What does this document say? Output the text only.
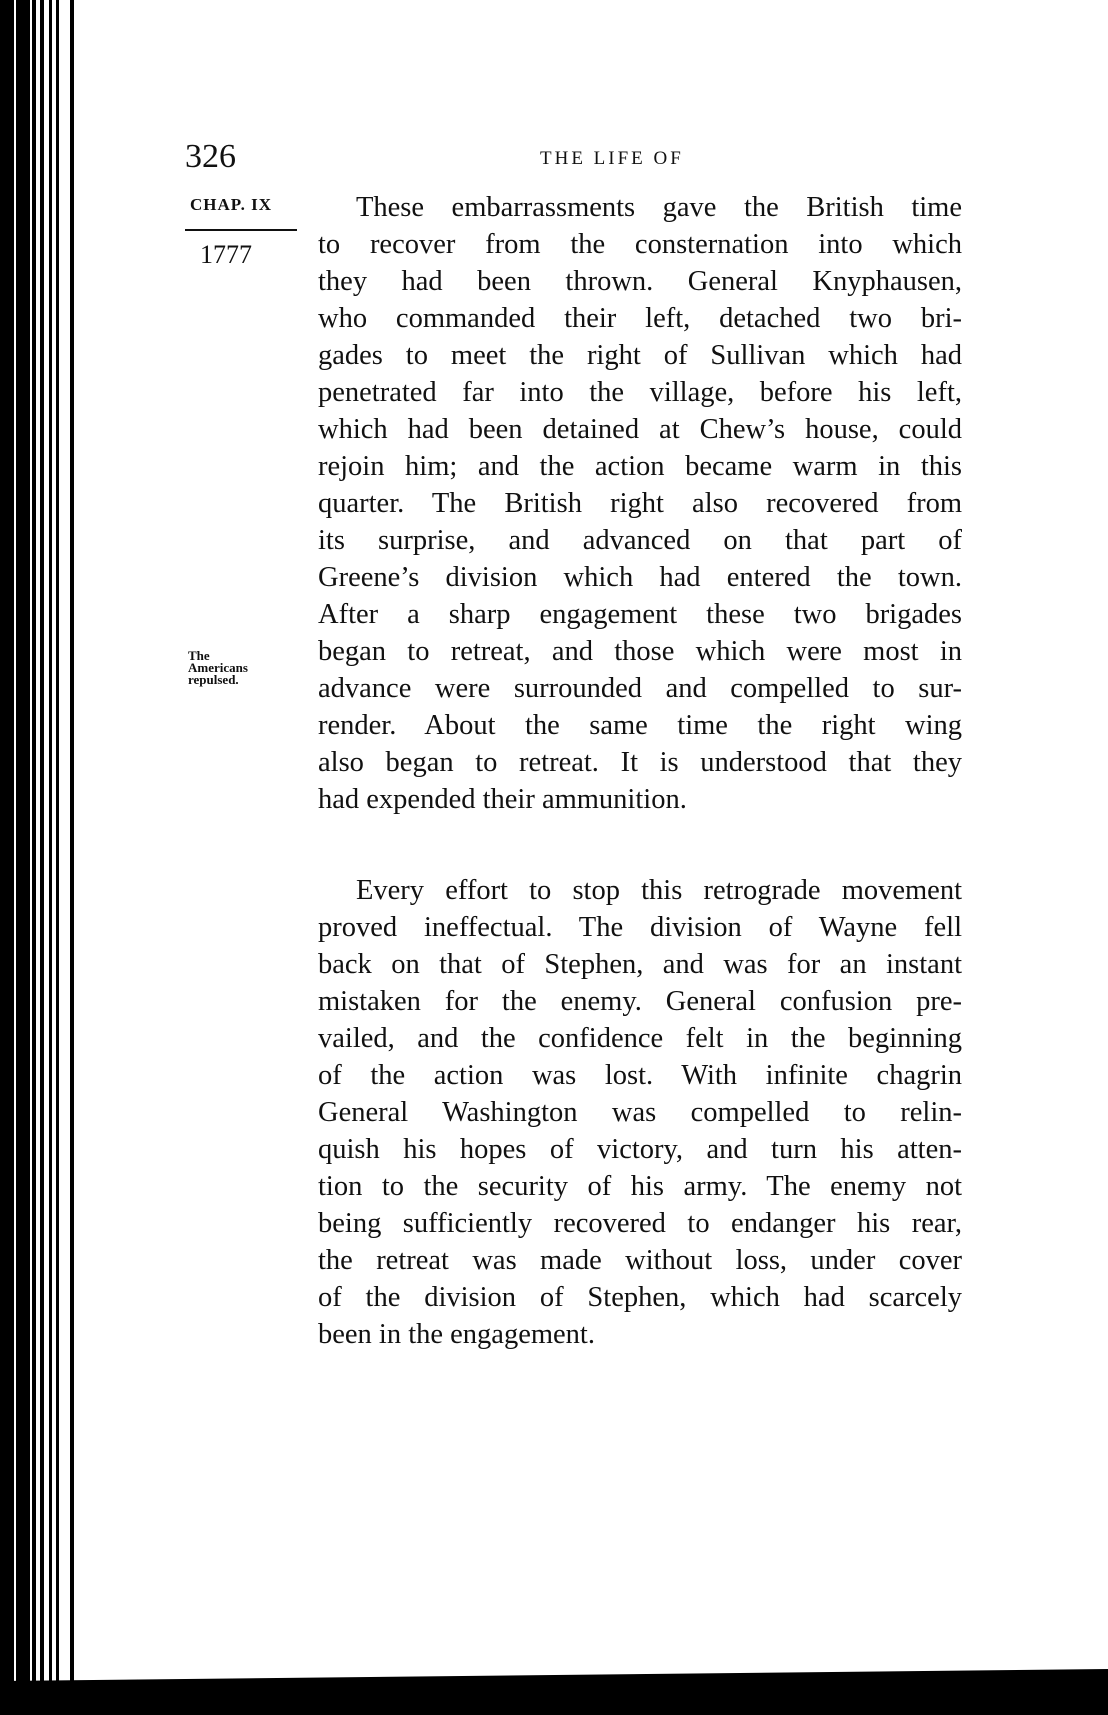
326	THE LIFE OF
CHAP. IX
1777
The
Americans
repulsed.
These embarrassments gave the British time
to recover from the consternation into which
they had been thrown. General Knyphausen,
who commanded their left, detached two bri-
gades to meet the right of Sullivan which had
penetrated far into the village, before his left,
which had been detained at Chew’s house, could
rejoin him; and the action became warm in this
quarter. The British right also recovered from
its surprise, and advanced on that part of
Greene’s division which had entered the town.
After a sharp engagement these two brigades
began to retreat, and those which were most in
advance were surrounded and compelled to sur-
render. About the same time the right wing
also began to retreat. It is understood that they
had expended their ammunition.
Every effort to stop this retrograde movement
proved ineffectual. The division of Wayne fell
back on that of Stephen, and was for an instant
mistaken for the enemy. General confusion pre-
vailed, and the confidence felt in the beginning
of the action was lost. With infinite chagrin
General Washington was compelled to relin-
quish his hopes of victory, and turn his atten-
tion to the security of his army. The enemy not
being sufficiently recovered to endanger his rear,
the retreat was made without loss, under cover
of the division of Stephen, which had scarcely
been in the engagement.
